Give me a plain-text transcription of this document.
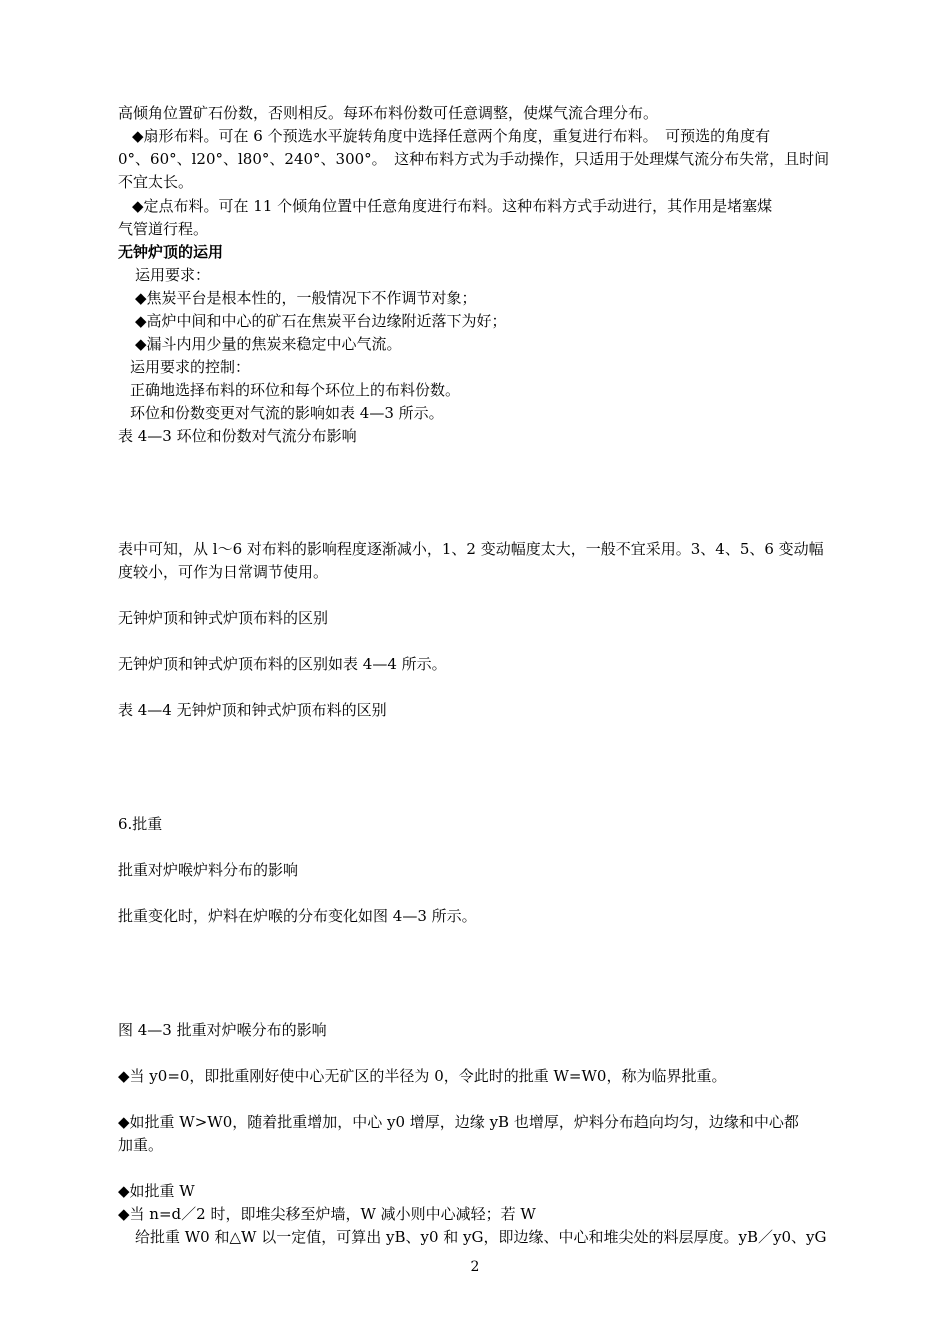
高倾角位置矿石份数，否则相反。每环布料份数可任意调整，使煤气流合理分布。
◆扇形布料。可在 6 个预选水平旋转角度中选择任意两个角度，重复进行布料。　可预选的角度有
0°、60°、l20°、l80°、240°、300°。　这种布料方式为手动操作，只适用于处理煤气流分布失常，且时间
不宜太长。
◆定点布料。可在 11 个倾角位置中任意角度进行布料。这种布料方式手动进行，其作用是堵塞煤
气管道行程。
无钟炉顶的运用
运用要求：
◆焦炭平台是根本性的，一般情况下不作调节对象；
◆高炉中间和中心的矿石在焦炭平台边缘附近落下为好；
◆漏斗内用少量的焦炭来稳定中心气流。
运用要求的控制：
正确地选择布料的环位和每个环位上的布料份数。
环位和份数变更对气流的影响如表 4—3 所示。
表 4—3 环位和份数对气流分布影响
表中可知，从 l～6 对布料的影响程度逐渐减小，1、2 变动幅度太大，一般不宜采用。3、4、5、6 变动幅
度较小，可作为日常调节使用。
无钟炉顶和钟式炉顶布料的区别
无钟炉顶和钟式炉顶布料的区别如表 4—4 所示。
表 4—4 无钟炉顶和钟式炉顶布料的区别
6.批重
批重对炉喉炉料分布的影响
批重变化时，炉料在炉喉的分布变化如图 4—3 所示。
图 4—3 批重对炉喉分布的影响
◆当 y0=0，即批重刚好使中心无矿区的半径为 0，令此时的批重 W=W0，称为临界批重。
◆如批重 W>W0，随着批重增加，中心 y0 增厚，边缘 yB 也增厚，炉料分布趋向均匀，边缘和中心都
加重。
◆如批重 W
◆当 n=d／2 时，即堆尖移至炉墙，W 减小则中心减轻；若 W
给批重 W0 和△W 以一定值，可算出 yB、y0 和 yG，即边缘、中心和堆尖处的料层厚度。yB／y0、yG
2
